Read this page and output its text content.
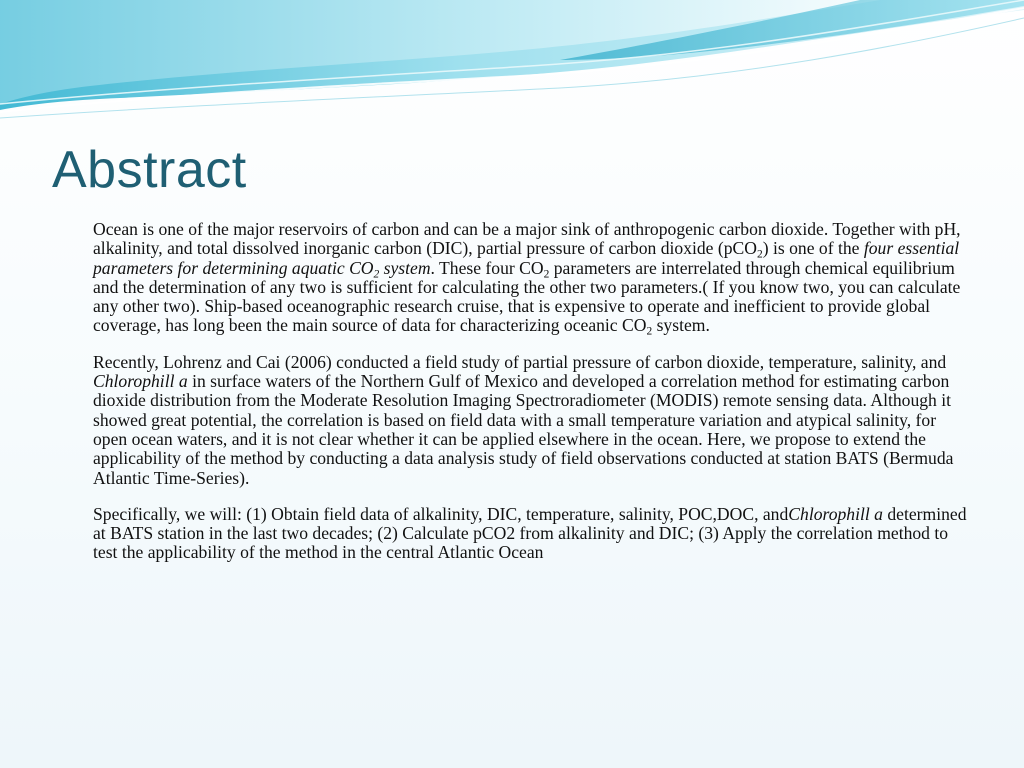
Abstract

Ocean is one of the major reservoirs of carbon and can be a major sink of anthropogenic carbon dioxide. Together with pH, alkalinity, and total dissolved inorganic carbon (DIC), partial pressure of carbon dioxide (pCO$_2$) is one of the four essential parameters for determining aquatic $CO_2$ system. These four $CO_2$ parameters are interrelated through chemical equilibrium and the determination of any two is sufficient for calculating the other two parameters.( If you know two, you can calculate any other two). Ship-based oceanographic research cruise, that is expensive to operate and inefficient to provide global coverage, has long been the main source of data for characterizing oceanic $CO_2$ system.

Recently, Lohrenz and Cai (2006) conducted a field study of partial pressure of carbon dioxide, temperature, salinity, and Chlorophill a in surface waters of the Northern Gulf of Mexico and developed a correlation method for estimating carbon dioxide distribution from the Moderate Resolution Imaging Spectroradiometer (MODIS) remote sensing data. Although it showed great potential, the correlation is based on field data with a small temperature variation and atypical salinity, for open ocean waters, and it is not clear whether it can be applied elsewhere in the ocean. Here, we propose to extend the applicability of the method by conducting a data analysis study of field observations conducted at station BATS (Bermuda Atlantic Time-Series).

Specifically, we will: (1) Obtain field data of alkalinity, DIC, temperature, salinity, POC,DOC, andChlorophill a determined at BATS station in the last two decades; (2) Calculate pCO2 from alkalinity and DIC; (3) Apply the correlation method to test the applicability of the method in the central Atlantic Ocean
